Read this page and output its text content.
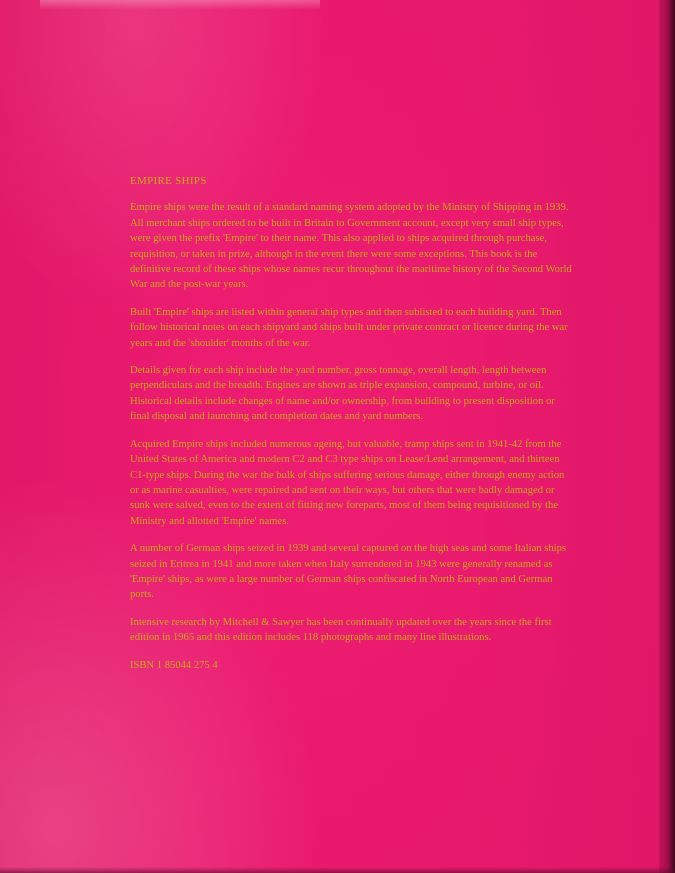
EMPIRE SHIPS

Empire ships were the result of a standard naming system adopted by the Ministry of Shipping in 1939. All merchant ships ordered to be built in Britain to Government account, except very small ship types, were given the prefix 'Empire' to their name. This also applied to ships acquired through purchase, requisition, or taken in prize, although in the event there were some exceptions. This book is the definitive record of these ships whose names recur throughout the maritime history of the Second World War and the post-war years.

Built 'Empire' ships are listed within general ship types and then sublisted to each building yard. Then follow historical notes on each shipyard and ships built under private contract or licence during the war years and the 'shoulder' months of the war.

Details given for each ship include the yard number, gross tonnage, overall length, length between perpendiculars and the breadth. Engines are shown as triple expansion, compound, turbine, or oil. Historical details include changes of name and/or ownership, from building to present disposition or final disposal and launching and completion dates and yard numbers.

Acquired Empire ships included numerous ageing, but valuable, tramp ships sent in 1941-42 from the United States of America and modern C2 and C3 type ships on Lease/Lend arrangement, and thirteen C1-type ships. During the war the bulk of ships suffering serious damage, either through enemy action or as marine casualties, were repaired and sent on their ways, but others that were badly damaged or sunk were salved, even to the extent of fitting new foreparts, most of them being requisitioned by the Ministry and allotted 'Empire' names.

A number of German ships seized in 1939 and several captured on the high seas and some Italian ships seized in Eritrea in 1941 and more taken when Italy surrendered in 1943 were generally renamed as 'Empire' ships, as were a large number of German ships confiscated in North European and German ports.

Intensive research by Mitchell & Sawyer has been continually updated over the years since the first edition in 1965 and this edition includes 118 photographs and many line illustrations.

ISBN 1 85044 275 4
